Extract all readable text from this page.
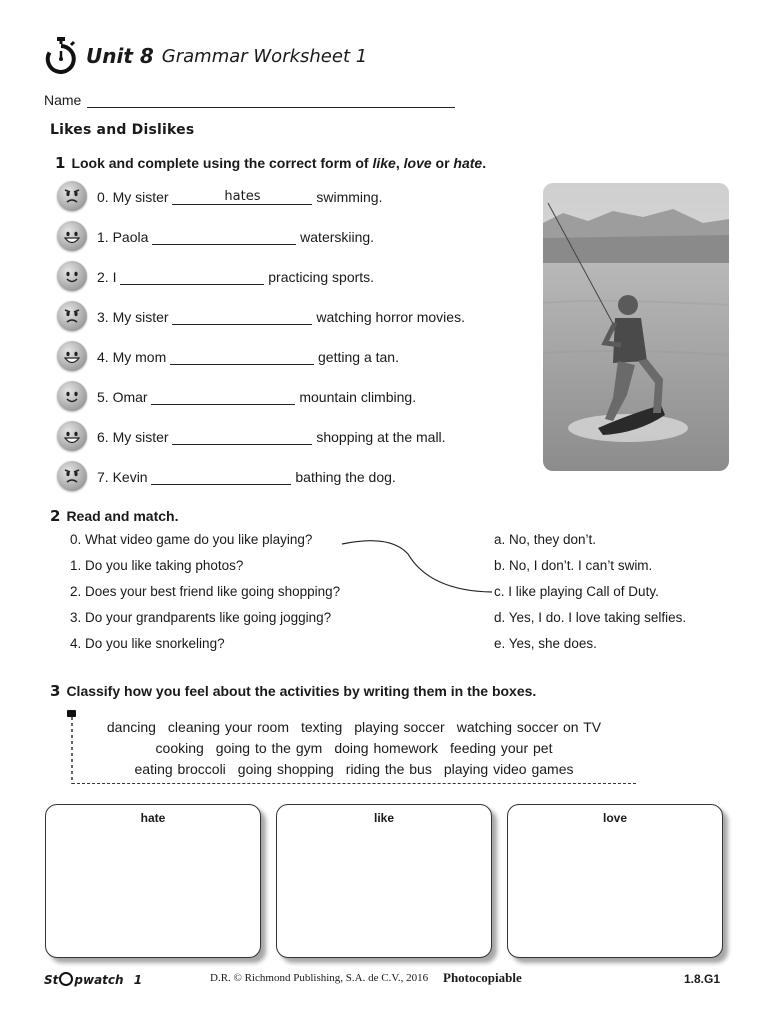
Unit 8 Grammar Worksheet 1
Name
Likes and Dislikes
1 Look and complete using the correct form of like, love or hate.
0. My sister	hates	swimming.
1. Paola	waterskiing.
2. I	practicing sports.
3. My sister	watching horror movies.
4. My mom	getting a tan.
5. Omar	mountain climbing.
6. My sister	shopping at the mall.
7. Kevin	bathing the dog.
2 Read and match.
0. What video game do you like playing?
1. Do you like taking photos?
2. Does your best friend like going shopping?
3. Do your grandparents like going jogging?
4. Do you like snorkeling?
a. No, they don’t.
b. No, I don’t. I can’t swim.
c. I like playing Call of Duty.
d. Yes, I do. I love taking selfies.
e. Yes, she does.
3 Classify how you feel about the activities by writing them in the boxes.
dancing cleaning your room texting playing soccer watching soccer on TV
cooking going to the gym doing homework feeding your pet
eating broccoli going shopping riding the bus playing video games
hate	like	love
St pwatch 1	D.R. © Richmond Publishing, S.A. de C.V., 2016 Photocopiable	1.8.G1
